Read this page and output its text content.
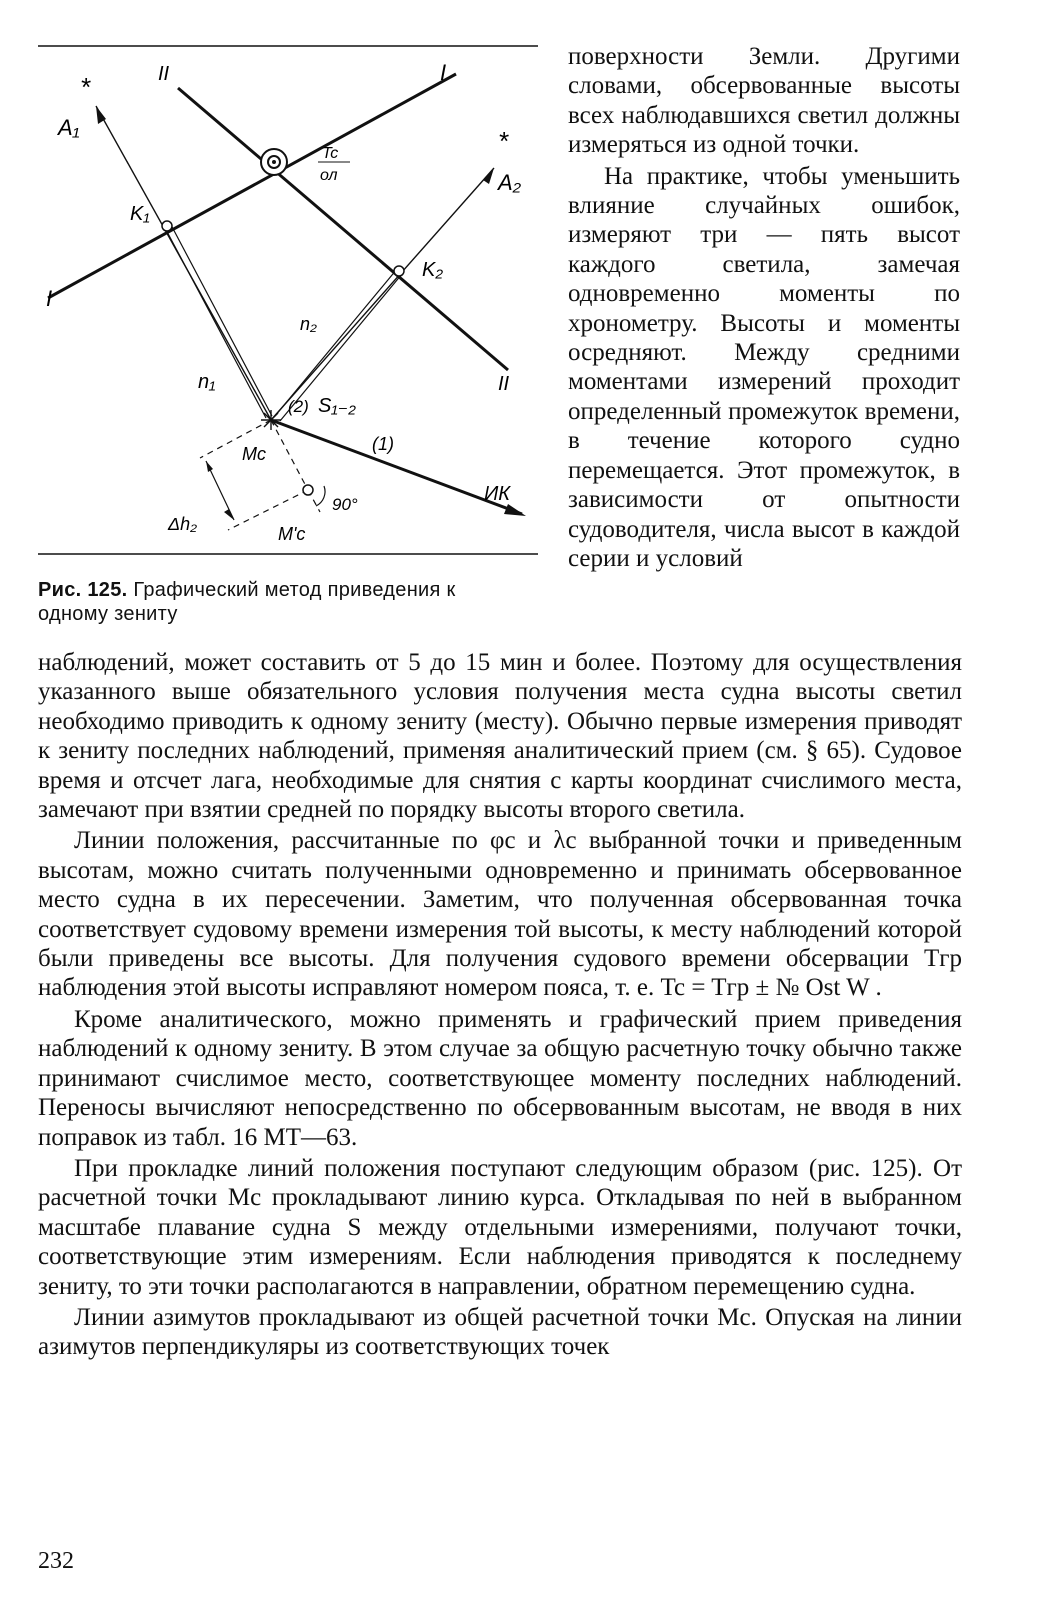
*
A₁	*
A₂
I
I
II
II
Tc
ол
K₁
K₂
n₁
n₂
Mc
M'c
(2) S₁₋₂
(1)
90°	ИК
Δh₂
Рис. 125. Графический метод приведения к одному зениту

поверхности Земли. Другими словами, обсервованные высоты всех наблюдавшихся светил должны измеряться из одной точки.

На практике, чтобы уменьшить влияние случайных ошибок, измеряют три — пять высот каждого светила, замечая одновременно моменты по хронометру. Высоты и моменты осредняют. Между средними моментами измерений проходит определенный промежуток времени, в течение которого судно перемещается. Этот промежуток, в зависимости от опытности судоводителя, числа высот в каждой серии и условий

наблюдений, может составить от 5 до 15 мин и более. Поэтому для осуществления указанного выше обязательного условия получения места судна высоты светил необходимо приводить к одному зениту (месту). Обычно первые измерения приводят к зениту последних наблюдений, применяя аналитический прием (см. § 65). Судовое время и отсчет лага, необходимые для снятия с карты координат счислимого места, замечают при взятии средней по порядку высоты второго светила.

Линии положения, рассчитанные по φc и λc выбранной точки и приведенным высотам, можно считать полученными одновременно и принимать обсервованное место судна в их пересечении. Заметим, что полученная обсервованная точка соответствует судовому времени измерения той высоты, к месту наблюдений которой были приведены все высоты. Для получения судового времени обсервации Tгр наблюдения этой высоты исправляют номером пояса, т. е. Tc = Tгр ± № Ost W .

Кроме аналитического, можно применять и графический прием приведения наблюдений к одному зениту. В этом случае за общую расчетную точку обычно также принимают счислимое место, соответствующее моменту последних наблюдений. Переносы вычисляют непосредственно по обсервованным высотам, не вводя в них поправок из табл. 16 МТ—63.

При прокладке линий положения поступают следующим образом (рис. 125). От расчетной точки Mc прокладывают линию курса. Откладывая по ней в выбранном масштабе плавание судна S между отдельными измерениями, получают точки, соответствующие этим измерениям. Если наблюдения приводятся к последнему зениту, то эти точки располагаются в направлении, обратном перемещению судна.

Линии азимутов прокладывают из общей расчетной точки Mc. Опуская на линии азимутов перпендикуляры из соответствующих точек

232
